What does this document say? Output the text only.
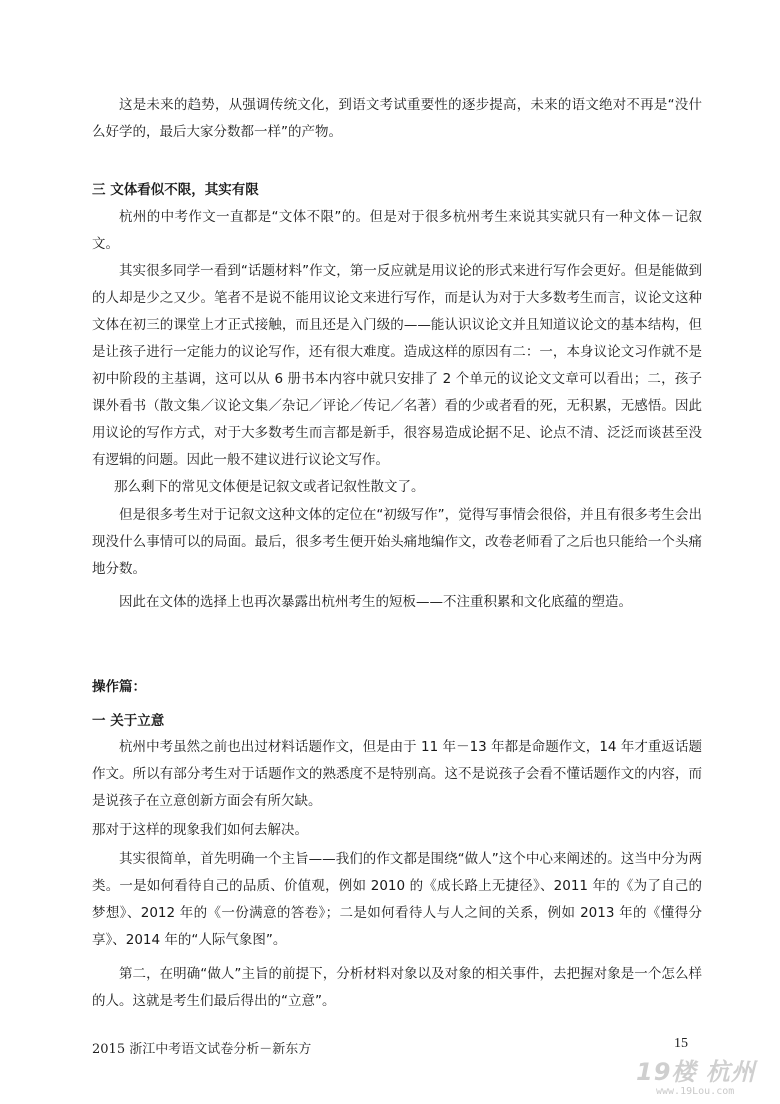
这是未来的趋势，从强调传统文化，到语文考试重要性的逐步提高，未来的语文绝对不再是“没什么好学的，最后大家分数都一样”的产物。

三 文体看似不限，其实有限

杭州的中考作文一直都是“文体不限”的。但是对于很多杭州考生来说其实就只有一种文体－记叙文。

其实很多同学一看到“话题材料”作文，第一反应就是用议论的形式来进行写作会更好。但是能做到的人却是少之又少。笔者不是说不能用议论文来进行写作，而是认为对于大多数考生而言，议论文这种文体在初三的课堂上才正式接触，而且还是入门级的——能认识议论文并且知道议论文的基本结构，但是让孩子进行一定能力的议论写作，还有很大难度。造成这样的原因有二：一，本身议论文习作就不是初中阶段的主基调，这可以从 6 册书本内容中就只安排了 2 个单元的议论文文章可以看出；二，孩子课外看书（散文集／议论文集／杂记／评论／传记／名著）看的少或者看的死，无积累，无感悟。因此用议论的写作方式，对于大多数考生而言都是新手，很容易造成论据不足、论点不清、泛泛而谈甚至没有逻辑的问题。因此一般不建议进行议论文写作。

那么剩下的常见文体便是记叙文或者记叙性散文了。

但是很多考生对于记叙文这种文体的定位在“初级写作”，觉得写事情会很俗，并且有很多考生会出现没什么事情可以的局面。最后，很多考生便开始头痛地编作文，改卷老师看了之后也只能给一个头痛地分数。

因此在文体的选择上也再次暴露出杭州考生的短板——不注重积累和文化底蕴的塑造。

操作篇：

一 关于立意

杭州中考虽然之前也出过材料话题作文，但是由于 11 年－13 年都是命题作文，14 年才重返话题作文。所以有部分考生对于话题作文的熟悉度不是特别高。这不是说孩子会看不懂话题作文的内容，而是说孩子在立意创新方面会有所欠缺。

那对于这样的现象我们如何去解决。

其实很简单，首先明确一个主旨——我们的作文都是围绕“做人”这个中心来阐述的。这当中分为两类。一是如何看待自己的品质、价值观，例如 2010 的《成长路上无捷径》、2011 年的《为了自己的梦想》、2012 年的《一份满意的答卷》；二是如何看待人与人之间的关系，例如 2013 年的《懂得分享》、2014 年的“人际气象图”。

第二，在明确“做人”主旨的前提下，分析材料对象以及对象的相关事件，去把握对象是一个怎么样的人。这就是考生们最后得出的“立意”。

2015 浙江中考语文试卷分析－新东方	15
19楼 杭州
www.19Lou.com
